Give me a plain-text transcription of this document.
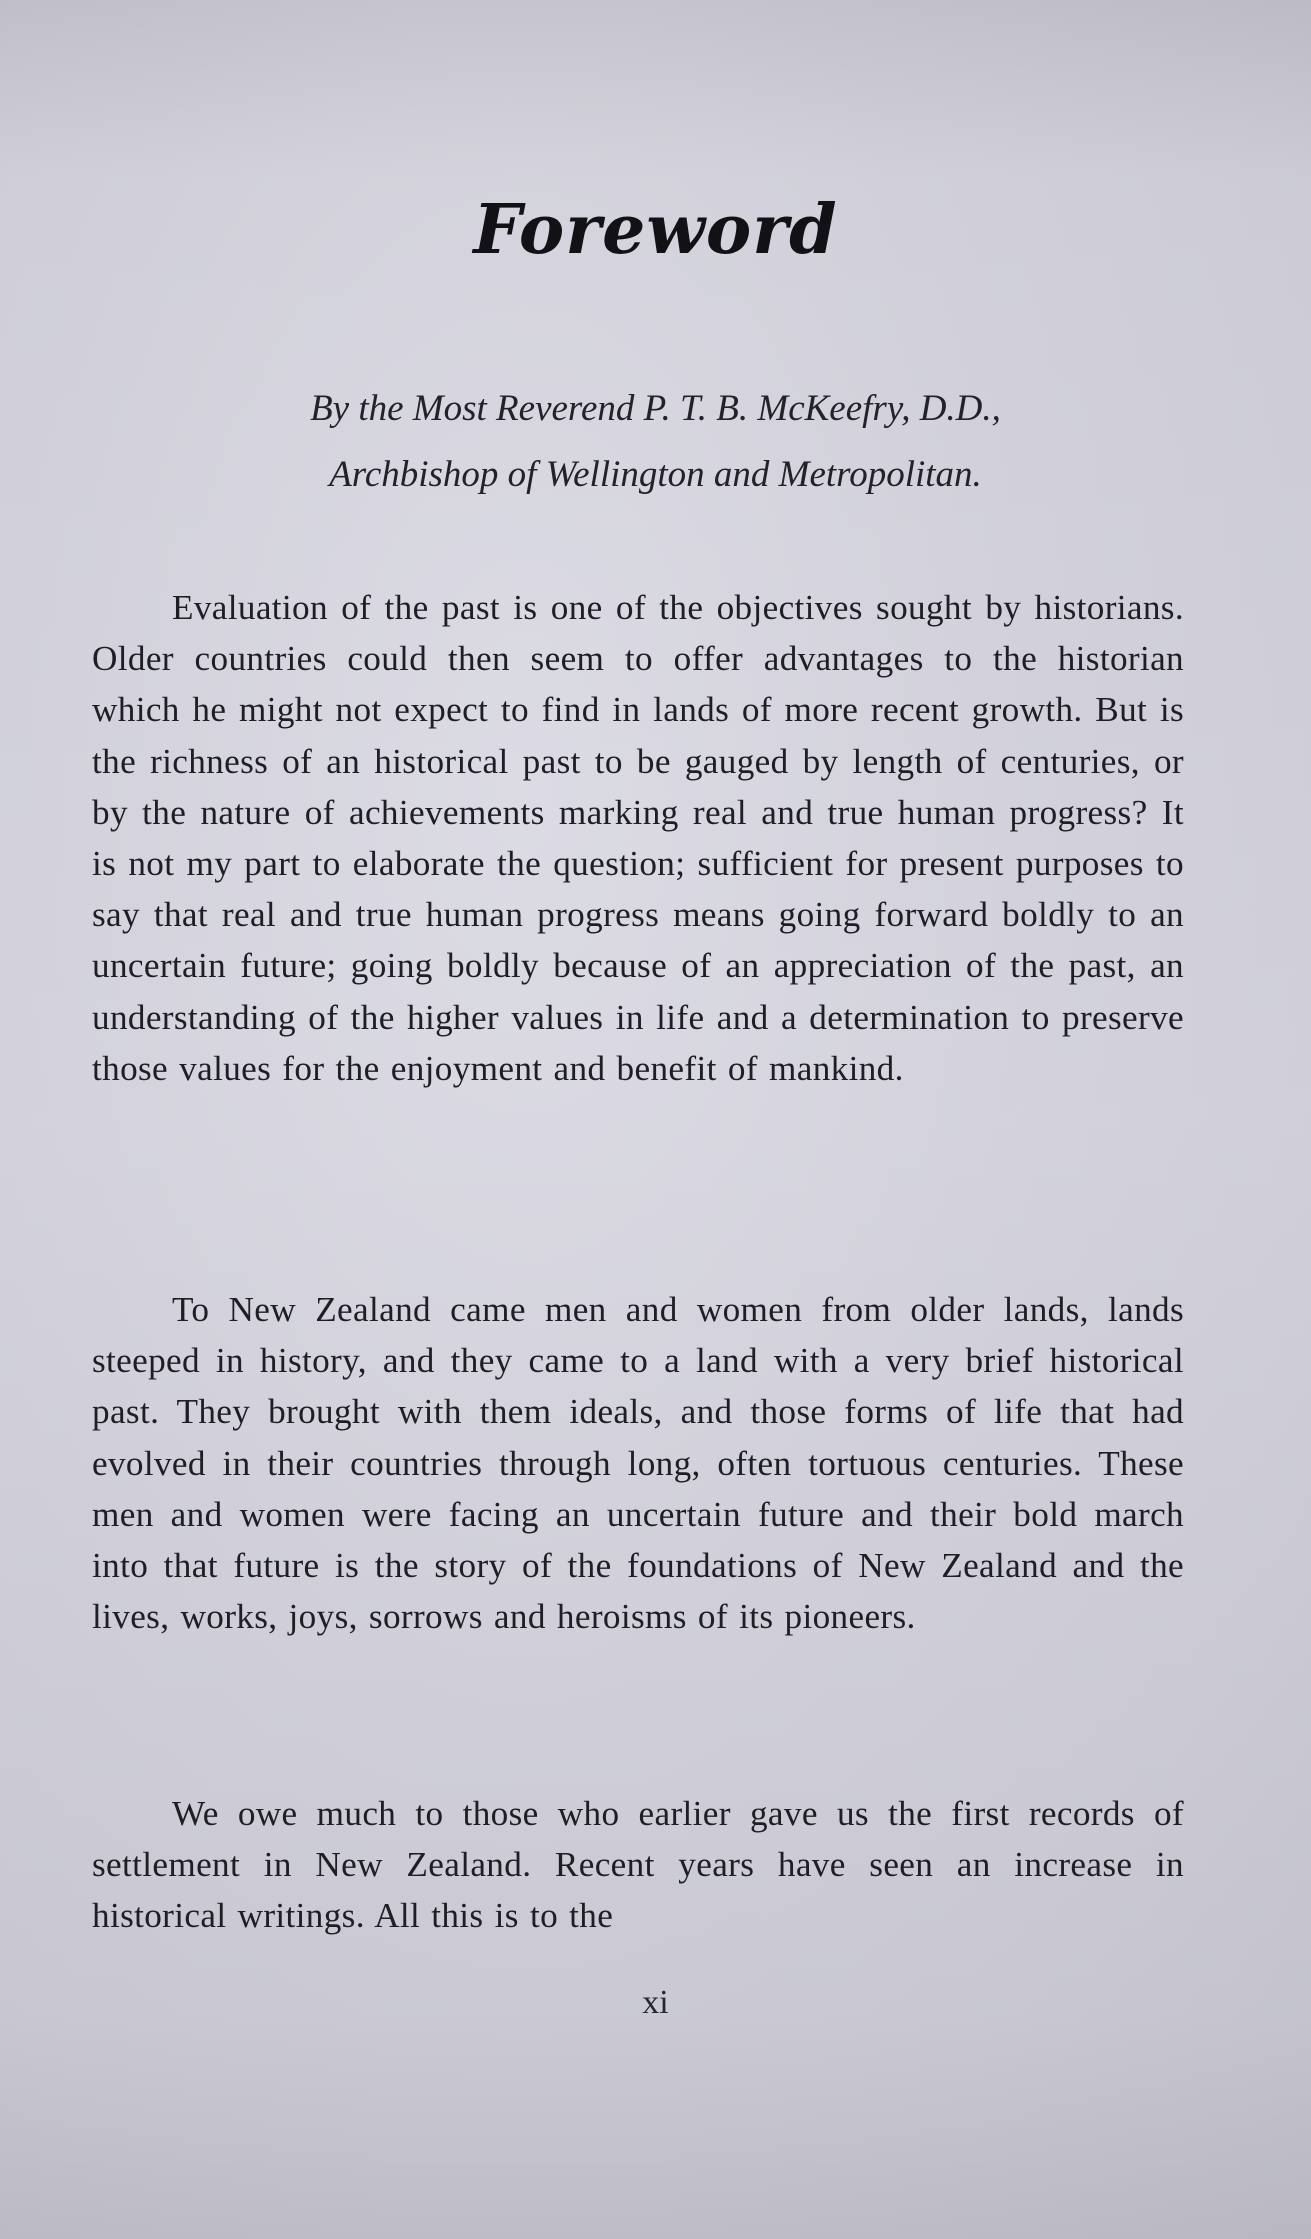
Foreword
By the Most Reverend P. T. B. McKeefry, D.D.,
Archbishop of Wellington and Metropolitan.

Evaluation of the past is one of the objectives sought by historians. Older countries could then seem to offer advantages to the historian which he might not expect to find in lands of more recent growth. But is the richness of an historical past to be gauged by length of centuries, or by the nature of achievements marking real and true human progress? It is not my part to elaborate the question; sufficient for present purposes to say that real and true human progress means going forward boldly to an uncertain future; going boldly because of an appreciation of the past, an understanding of the higher values in life and a determination to preserve those values for the enjoyment and benefit of mankind.

To New Zealand came men and women from older lands, lands steeped in history, and they came to a land with a very brief historical past. They brought with them ideals, and those forms of life that had evolved in their countries through long, often tortuous centuries. These men and women were facing an uncertain future and their bold march into that future is the story of the foundations of New Zealand and the lives, works, joys, sorrows and heroisms of its pioneers.

We owe much to those who earlier gave us the first records of settlement in New Zealand. Recent years have seen an increase in historical writings. All this is to the

xi
